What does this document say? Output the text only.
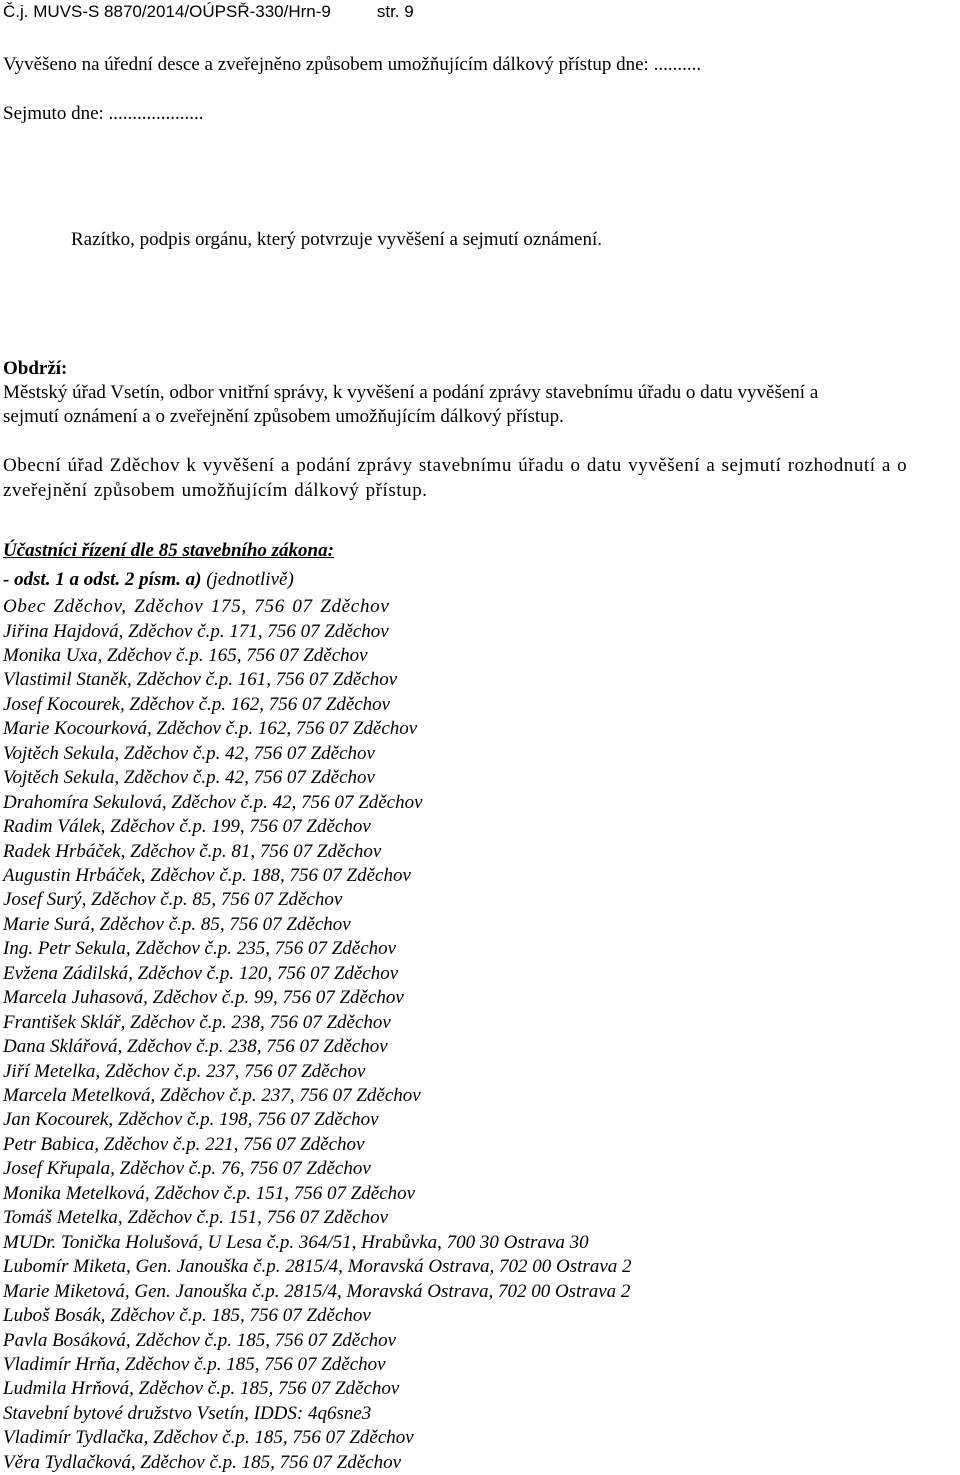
Č.j. MUVS-S 8870/2014/OÚPSŘ-330/Hrn-9	str. 9
Vyvěšeno na úřední desce a zveřejněno způsobem umožňujícím dálkový přístup dne: ..........
Sejmuto dne: ....................
Razítko, podpis orgánu, který potvrzuje vyvěšení a sejmutí oznámení.
Obdrží:
Městský úřad Vsetín, odbor vnitřní správy, k vyvěšení a podání zprávy stavebnímu úřadu o datu vyvěšení a
sejmutí oznámení a o zveřejnění způsobem umožňujícím dálkový přístup.
Obecní úřad Zděchov k vyvěšení a podání zprávy stavebnímu úřadu o datu vyvěšení a sejmutí rozhodnutí a o
zveřejnění způsobem umožňujícím dálkový přístup.
Účastníci řízení dle 85 stavebního zákona:
- odst. 1 a odst. 2 písm. a) (jednotlivě)
Obec Zděchov, Zděchov 175, 756 07 Zděchov
Jiřina Hajdová, Zděchov č.p. 171, 756 07 Zděchov
Monika Uxa, Zděchov č.p. 165, 756 07 Zděchov
Vlastimil Staněk, Zděchov č.p. 161, 756 07 Zděchov
Josef Kocourek, Zděchov č.p. 162, 756 07 Zděchov
Marie Kocourková, Zděchov č.p. 162, 756 07 Zděchov
Vojtěch Sekula, Zděchov č.p. 42, 756 07 Zděchov
Vojtěch Sekula, Zděchov č.p. 42, 756 07 Zděchov
Drahomíra Sekulová, Zděchov č.p. 42, 756 07 Zděchov
Radim Válek, Zděchov č.p. 199, 756 07 Zděchov
Radek Hrbáček, Zděchov č.p. 81, 756 07 Zděchov
Augustin Hrbáček, Zděchov č.p. 188, 756 07 Zděchov
Josef Surý, Zděchov č.p. 85, 756 07 Zděchov
Marie Surá, Zděchov č.p. 85, 756 07 Zděchov
Ing. Petr Sekula, Zděchov č.p. 235, 756 07 Zděchov
Evžena Zádilská, Zděchov č.p. 120, 756 07 Zděchov
Marcela Juhasová, Zděchov č.p. 99, 756 07 Zděchov
František Sklář, Zděchov č.p. 238, 756 07 Zděchov
Dana Sklářová, Zděchov č.p. 238, 756 07 Zděchov
Jiří Metelka, Zděchov č.p. 237, 756 07 Zděchov
Marcela Metelková, Zděchov č.p. 237, 756 07 Zděchov
Jan Kocourek, Zděchov č.p. 198, 756 07 Zděchov
Petr Babica, Zděchov č.p. 221, 756 07 Zděchov
Josef Křupala, Zděchov č.p. 76, 756 07 Zděchov
Monika Metelková, Zděchov č.p. 151, 756 07 Zděchov
Tomáš Metelka, Zděchov č.p. 151, 756 07 Zděchov
MUDr. Tonička Holušová, U Lesa č.p. 364/51, Hrabůvka, 700 30 Ostrava 30
Lubomír Miketa, Gen. Janouška č.p. 2815/4, Moravská Ostrava, 702 00 Ostrava 2
Marie Miketová, Gen. Janouška č.p. 2815/4, Moravská Ostrava, 702 00 Ostrava 2
Luboš Bosák, Zděchov č.p. 185, 756 07 Zděchov
Pavla Bosáková, Zděchov č.p. 185, 756 07 Zděchov
Vladimír Hrňa, Zděchov č.p. 185, 756 07 Zděchov
Ludmila Hrňová, Zděchov č.p. 185, 756 07 Zděchov
Stavební bytové družstvo Vsetín, IDDS: 4q6sne3
Vladimír Tydlačka, Zděchov č.p. 185, 756 07 Zděchov
Věra Tydlačková, Zděchov č.p. 185, 756 07 Zděchov
